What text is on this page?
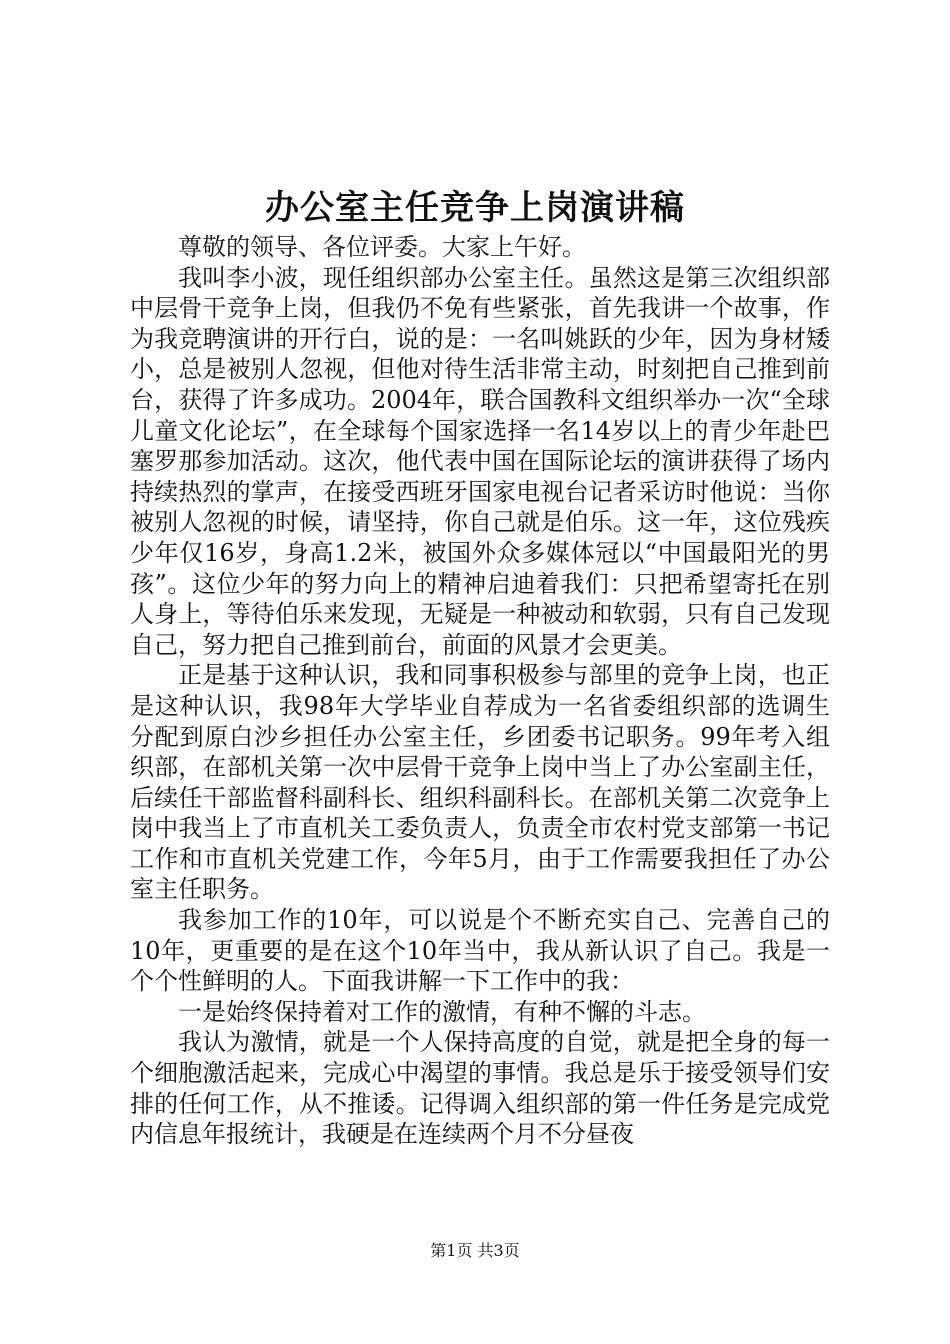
办公室主任竞争上岗演讲稿

尊敬的领导、各位评委。大家上午好。

我叫李小波，现任组织部办公室主任。虽然这是第三次组织部中层骨干竞争上岗，但我仍不免有些紧张，首先我讲一个故事，作为我竞聘演讲的开行白，说的是：一名叫姚跃的少年，因为身材矮小，总是被别人忽视，但他对待生活非常主动，时刻把自己推到前台，获得了许多成功。2004年，联合国教科文组织举办一次“全球儿童文化论坛”，在全球每个国家选择一名14岁以上的青少年赴巴塞罗那参加活动。这次，他代表中国在国际论坛的演讲获得了场内持续热烈的掌声，在接受西班牙国家电视台记者采访时他说：当你被别人忽视的时候，请坚持，你自己就是伯乐。这一年，这位残疾少年仅16岁，身高1.2米，被国外众多媒体冠以“中国最阳光的男孩”。这位少年的努力向上的精神启迪着我们：只把希望寄托在别人身上，等待伯乐来发现，无疑是一种被动和软弱，只有自己发现自己，努力把自己推到前台，前面的风景才会更美。

正是基于这种认识，我和同事积极参与部里的竞争上岗，也正是这种认识，我98年大学毕业自荐成为一名省委组织部的选调生分配到原白沙乡担任办公室主任，乡团委书记职务。99年考入组织部，在部机关第一次中层骨干竞争上岗中当上了办公室副主任，后续任干部监督科副科长、组织科副科长。在部机关第二次竞争上岗中我当上了市直机关工委负责人，负责全市农村党支部第一书记工作和市直机关党建工作，今年5月，由于工作需要我担任了办公室主任职务。

我参加工作的10年，可以说是个不断充实自己、完善自己的10年，更重要的是在这个10年当中，我从新认识了自己。我是一个个性鲜明的人。下面我讲解一下工作中的我：

一是始终保持着对工作的激情，有种不懈的斗志。

我认为激情，就是一个人保持高度的自觉，就是把全身的每一个细胞激活起来，完成心中渴望的事情。我总是乐于接受领导们安排的任何工作，从不推诿。记得调入组织部的第一件任务是完成党内信息年报统计，我硬是在连续两个月不分昼夜

第1页 共3页
